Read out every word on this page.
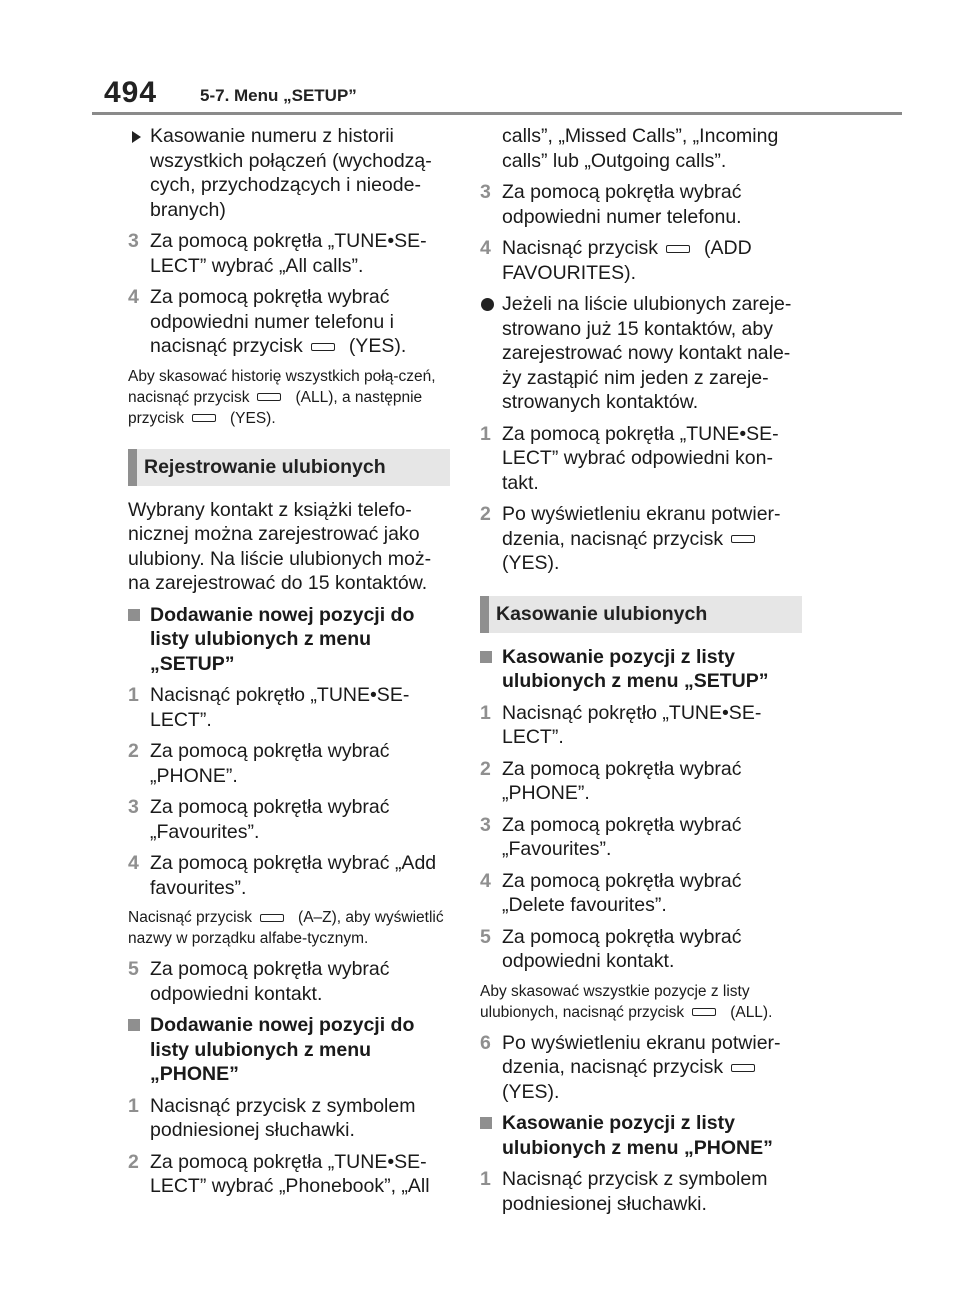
494	5-7. Menu „SETUP”

Kasowanie numeru z historii wszystkich połączeń (wychodzą-cych, przychodzących i nieode-branych)

3 Za pomocą pokrętła „TUNE•SE-LECT” wybrać „All calls”.

4 Za pomocą pokrętła wybrać odpowiedni numer telefonu i nacisnąć przycisk (YES).

Aby skasować historię wszystkich połą-czeń, nacisnąć przycisk	(ALL), a następnie przycisk	(YES).

Rejestrowanie ulubionych

Wybrany kontakt z książki telefo-nicznej można zarejestrować jako ulubiony. Na liście ulubionych moż-na zarejestrować do 15 kontaktów.

Dodawanie nowej pozycji do listy ulubionych z menu „SETUP”

1 Nacisnąć pokrętło „TUNE•SE-LECT”.

2 Za pomocą pokrętła wybrać „PHONE”.

3 Za pomocą pokrętła wybrać „Favourites”.

4 Za pomocą pokrętła wybrać „Add favourites”.

Nacisnąć przycisk	(A–Z), aby wyświetlić nazwy w porządku alfabe-tycznym.

5 Za pomocą pokrętła wybrać odpowiedni kontakt.

Dodawanie nowej pozycji do listy ulubionych z menu „PHONE”

1 Nacisnąć przycisk z symbolem podniesionej słuchawki.

2 Za pomocą pokrętła „TUNE•SE-LECT” wybrać „Phonebook”, „All

calls”, „Missed Calls”, „Incoming calls” lub „Outgoing calls”.

3 Za pomocą pokrętła wybrać odpowiedni numer telefonu.

4 Nacisnąć przycisk (ADD FAVOURITES).

Jeżeli na liście ulubionych zareje-strowano już 15 kontaktów, aby zarejestrować nowy kontakt nale-ży zastąpić nim jeden z zareje-strowanych kontaktów.

1 Za pomocą pokrętła „TUNE•SE-LECT” wybrać odpowiedni kon-takt.

2 Po wyświetleniu ekranu potwier-dzenia, nacisnąć przycisk(YES).

Kasowanie ulubionych

Kasowanie pozycji z listy ulubionych z menu „SETUP”

1 Nacisnąć pokrętło „TUNE•SE-LECT”.

2 Za pomocą pokrętła wybrać „PHONE”.

3 Za pomocą pokrętła wybrać „Favourites”.

4 Za pomocą pokrętła wybrać „Delete favourites”.

5 Za pomocą pokrętła wybrać odpowiedni kontakt.

Aby skasować wszystkie pozycje z listy ulubionych, nacisnąć przycisk	(ALL).

6 Po wyświetleniu ekranu potwier-dzenia, nacisnąć przycisk(YES).

Kasowanie pozycji z listy ulubionych z menu „PHONE”

1 Nacisnąć przycisk z symbolem podniesionej słuchawki.
